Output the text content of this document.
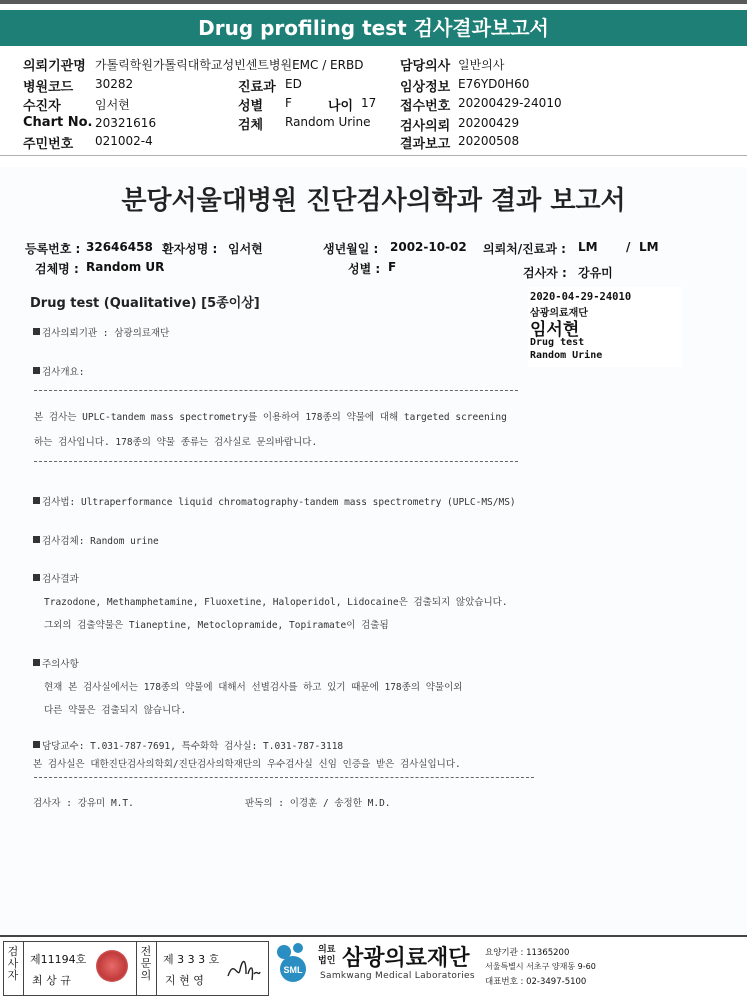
Drug profiling test 검사결과보고서
의뢰기관명 가톨릭학원가톨릭대학교성빈센트병원EMC / ERBD	담당의사 일반의사
병원코드 30282	진료과 ED	임상정보 E76YD0H60
수진자	임서현	성별 F	나이 17 접수번호 20200429-24010
Chart No. 20321616	검체 Random Urine 검사의뢰 20200429
주민번호 021002-4	결과보고 20200508
분당서울대병원 진단검사의학과 결과 보고서
등록번호 : 32646458 환자성명 : 임서현	생년월일 : 2002-10-02 의뢰처/진료과 : LM / LM
검체명 : Random UR	성별 : F	검사자 : 강유미
Drug test (Qualitative) [5종이상]	2020-04-29-24010
삼광의료재단
임서현
Drug test
Random Urine
검사의뢰기관 : 삼광의료재단
검사개요:
본 검사는 UPLC-tandem mass spectrometry를 이용하여 178종의 약물에 대해 targeted screening
하는 검사입니다. 178종의 약물 종류는 검사실로 문의바랍니다.
검사법: Ultraperformance liquid chromatography-tandem mass spectrometry (UPLC-MS/MS)
검사검체: Random urine
검사결과
Trazodone, Methamphetamine, Fluoxetine, Haloperidol, Lidocaine은 검출되지 않았습니다.
그외의 검출약물은 Tianeptine, Metoclopramide, Topiramate이 검출됨
주의사항
현재 본 검사실에서는 178종의 약물에 대해서 선별검사를 하고 있기 때문에 178종의 약물이외
다른 약물은 검출되지 않습니다.
담당교수: T.031-787-7691, 특수화학 검사실: T.031-787-3118
본 검사실은 대한진단검사의학회/진단검사의학재단의 우수검사실 신임 인증을 받은 검사실입니다.
검사자 : 강유미 M.T.	판독의 : 이경훈 / 송정한 M.D.
검
사
자
제11194호
최 상 규
전
문
의
제 3 3 3 호
지 현 영
SML
의료
법인 삼광의료재단
Samkwang Medical Laboratories
요양기관 : 11365200
서울특별시 서초구 양재동 9-60
대표번호 : 02-3497-5100
